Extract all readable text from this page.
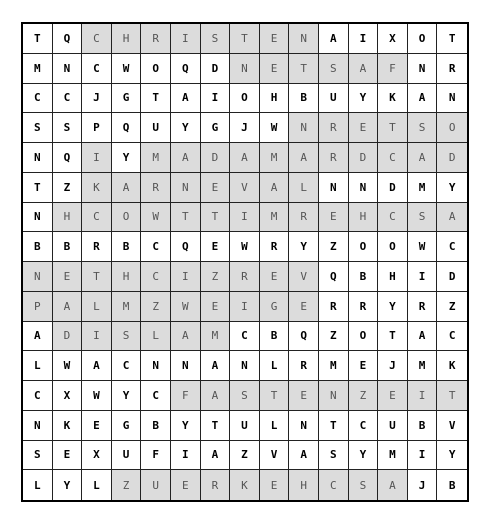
T	Q	C	H	R	I	S	T	E	N	A	I	X	O	T
M	N	C	W	O	Q	D	N	E	T	S	A	F	N	R
C	C	J	G	T	A	I	O	H	B	U	Y	K	A	N
S	S	P	Q	U	Y	G	J	W	N	R	E	T	S	O
N	Q	I	Y	M	A	D	A	M	A	R	D	C	A	D
T	Z	K	A	R	N	E	V	A	L	N	N	D	M	Y
N	H	C	O	W	T	T	I	M	R	E	H	C	S	A
B	B	R	B	C	Q	E	W	R	Y	Z	O	O	W	C
N	E	T	H	C	I	Z	R	E	V	Q	B	H	I	D
P	A	L	M	Z	W	E	I	G	E	R	R	Y	R	Z
A	D	I	S	L	A	M	C	B	Q	Z	O	T	A	C
L	W	A	C	N	N	A	N	L	R	M	E	J	M	K
C	X	W	Y	C	F	A	S	T	E	N	Z	E	I	T
N	K	E	G	B	Y	T	U	L	N	T	C	U	B	V
S	E	X	U	F	I	A	Z	V	A	S	Y	M	I	Y
L	Y	L	Z	U	E	R	K	E	H	C	S	A	J	B
